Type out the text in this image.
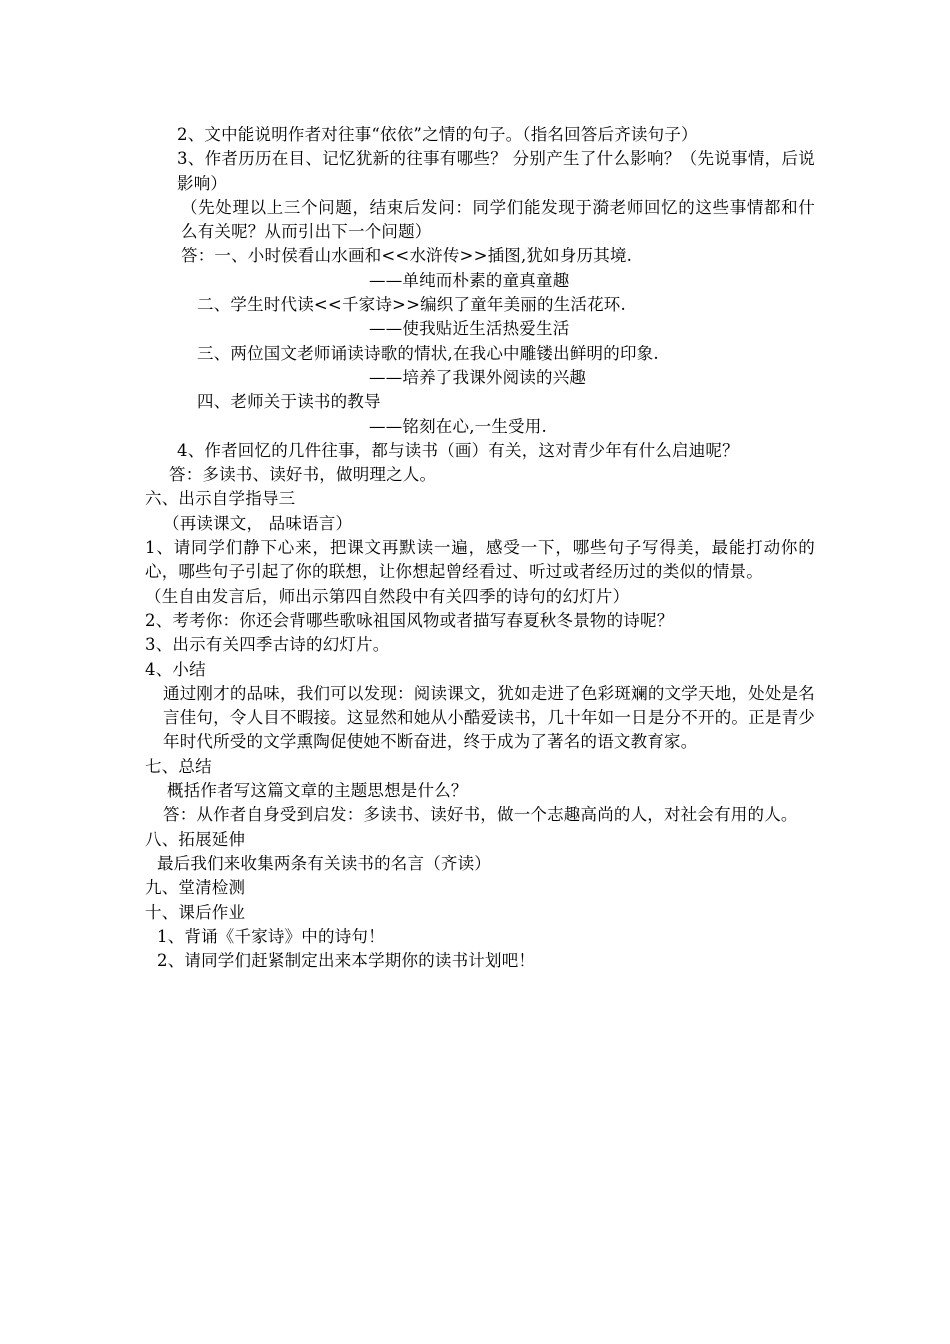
2、文中能说明作者对往事“依依”之情的句子。（指名回答后齐读句子）

3、作者历历在目、记忆犹新的往事有哪些？ 分别产生了什么影响？（先说事情，后说影响）

（先处理以上三个问题，结束后发问：同学们能发现于漪老师回忆的这些事情都和什么有关呢？从而引出下一个问题）

答：一、小时侯看山水画和<<水浒传>>插图,犹如身历其境.

——单纯而朴素的童真童趣

二、学生时代读<<千家诗>>编织了童年美丽的生活花环.

——使我贴近生活热爱生活

三、两位国文老师诵读诗歌的情状,在我心中雕镂出鲜明的印象.

——培养了我课外阅读的兴趣

四、老师关于读书的教导

——铭刻在心,一生受用.

4、作者回忆的几件往事，都与读书（画）有关，这对青少年有什么启迪呢？

答：多读书、读好书，做明理之人。

六、出示自学指导三

（再读课文， 品味语言）

1、请同学们静下心来，把课文再默读一遍，感受一下，哪些句子写得美，最能打动你的心，哪些句子引起了你的联想，让你想起曾经看过、听过或者经历过的类似的情景。

（生自由发言后，师出示第四自然段中有关四季的诗句的幻灯片）

2、考考你：你还会背哪些歌咏祖国风物或者描写春夏秋冬景物的诗呢？

3、出示有关四季古诗的幻灯片。

4、小结

通过刚才的品味，我们可以发现：阅读课文，犹如走进了色彩斑斓的文学天地，处处是名言佳句，令人目不暇接。这显然和她从小酷爱读书，几十年如一日是分不开的。正是青少年时代所受的文学熏陶促使她不断奋进，终于成为了著名的语文教育家。

七、总结

概括作者写这篇文章的主题思想是什么？

答：从作者自身受到启发：多读书、读好书，做一个志趣高尚的人，对社会有用的人。

八、拓展延伸

最后我们来收集两条有关读书的名言（齐读）

九、堂清检测

十、课后作业

1、背诵《千家诗》中的诗句！

2、请同学们赶紧制定出来本学期你的读书计划吧！
